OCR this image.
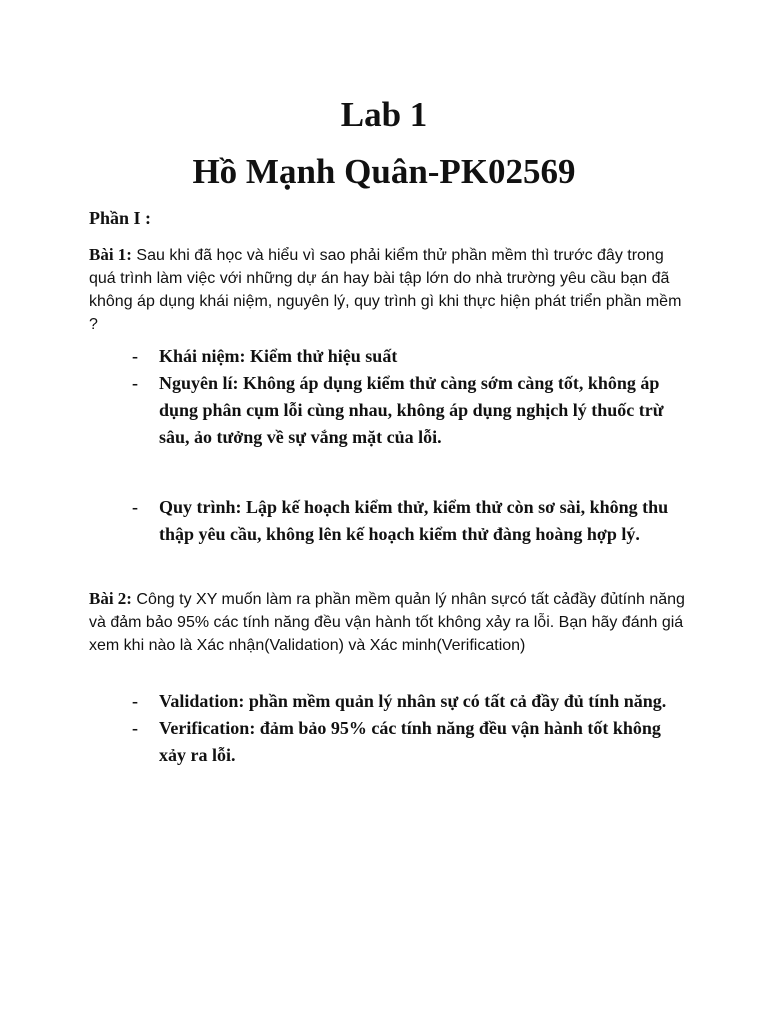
Lab 1
Hồ Mạnh Quân-PK02569

Phần I :

Bài 1: Sau khi đã học và hiểu vì sao phải kiểm thử phần mềm thì trước đây trong quá trình làm việc với những dự án hay bài tập lớn do nhà trường yêu cầu bạn đã không áp dụng khái niệm, nguyên lý, quy trình gì khi thực hiện phát triển phần mềm ?

- Khái niệm: Kiểm thử hiệu suất
- Nguyên lí: Không áp dụng kiểm thử càng sớm càng tốt, không áp dụng phân cụm lỗi cùng nhau, không áp dụng nghịch lý thuốc trừ sâu, ảo tưởng về sự vắng mặt của lỗi.
- Quy trình: Lập kế hoạch kiểm thử, kiểm thử còn sơ sài, không thu thập yêu cầu, không lên kế hoạch kiểm thử đàng hoàng hợp lý.

Bài 2: Công ty XY muốn làm ra phần mềm quản lý nhân sựcó tất cảđầy đủtính năng và đảm bảo 95% các tính năng đều vận hành tốt không xảy ra lỗi. Bạn hãy đánh giá xem khi nào là Xác nhận(Validation) và Xác minh(Verification)

- Validation: phần mềm quản lý nhân sự có tất cả đầy đủ tính năng.
- Verification: đảm bảo 95% các tính năng đều vận hành tốt không xảy ra lỗi.
